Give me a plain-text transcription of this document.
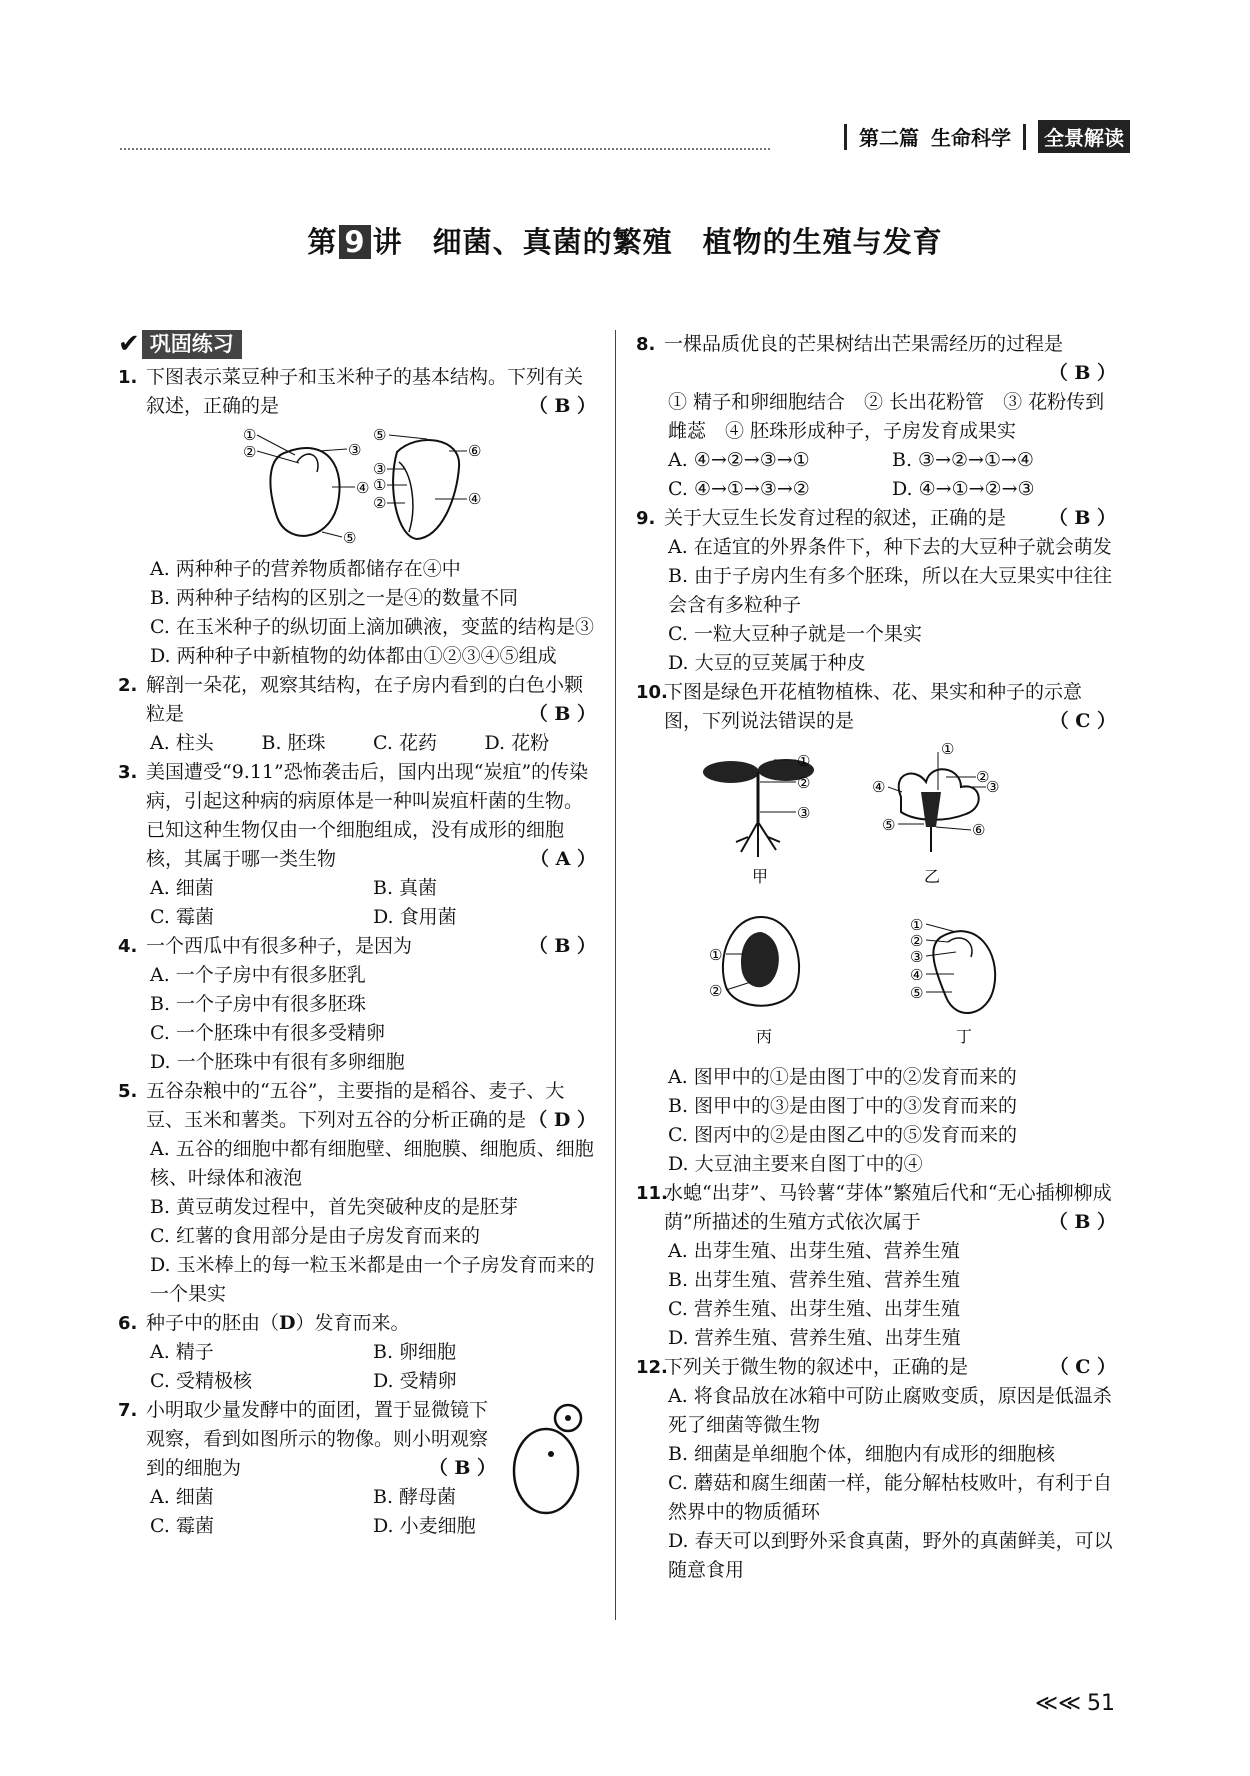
第二篇 生命科学	全景解读
第 9 讲　细菌、真菌的繁殖　植物的生殖与发育
✔ 巩固练习
1. 下图表示菜豆种子和玉米种子的基本结构。下列有关叙述，正确的是	（ B ）
①
②	③
④
⑤
⑤
③
①
②
⑥
④
A. 两种种子的营养物质都储存在④中
B. 两种种子结构的区别之一是④的数量不同
C. 在玉米种子的纵切面上滴加碘液，变蓝的结构是③
D. 两种种子中新植物的幼体都由①②③④⑤组成
2. 解剖一朵花，观察其结构，在子房内看到的白色小颗粒是	（ B ）
A. 柱头	B. 胚珠	C. 花药	D. 花粉
3. 美国遭受“9.11”恐怖袭击后，国内出现“炭疽”的传染病，引起这种病的病原体是一种叫炭疽杆菌的生物。已知这种生物仅由一个细胞组成，没有成形的细胞核，其属于哪一类生物	（ A ）
A. 细菌	B. 真菌
C. 霉菌	D. 食用菌
4. 一个西瓜中有很多种子，是因为	（ B ）
A. 一个子房中有很多胚乳
B. 一个子房中有很多胚珠
C. 一个胚珠中有很多受精卵
D. 一个胚珠中有很有多卵细胞
5. 五谷杂粮中的“五谷”，主要指的是稻谷、麦子、大豆、玉米和薯类。下列对五谷的分析正确的是 （ D ）
A. 五谷的细胞中都有细胞壁、细胞膜、细胞质、细胞核、叶绿体和液泡
B. 黄豆萌发过程中，首先突破种皮的是胚芽
C. 红薯的食用部分是由子房发育而来的
D. 玉米棒上的每一粒玉米都是由一个子房发育而来的一个果实
6. 种子中的胚由（D）发育而来。
A. 精子	B. 卵细胞
C. 受精极核	D. 受精卵
7. 小明取少量发酵中的面团，置于显微镜下观察，看到如图所示的物像。则小明观察到的细胞为	（ B ）
A. 细菌	B. 酵母菌
C. 霉菌	D. 小麦细胞
8. 一棵品质优良的芒果树结出芒果需经历的过程是
（ B ）
① 精子和卵细胞结合　② 长出花粉管　③ 花粉传到雌蕊　④ 胚珠形成种子，子房发育成果实
A. ④→②→③→①	B. ③→②→①→④
C. ④→①→③→②	D. ④→①→②→③
9. 关于大豆生长发育过程的叙述，正确的是 （ B ）
A. 在适宜的外界条件下，种下去的大豆种子就会萌发
B. 由于子房内生有多个胚珠，所以在大豆果实中往往会含有多粒种子
C. 一粒大豆种子就是一个果实
D. 大豆的豆荚属于种皮
10.
下图是绿色开花植物植株、花、果实和种子的示意图，下列说法错误的是	（ C ）
①
②
③
甲
①
②
③
④
⑤	⑥
乙
①
②
丙
①
②
③
④
⑤
丁
A. 图甲中的①是由图丁中的②发育而来的
B. 图甲中的③是由图丁中的③发育而来的
C. 图丙中的②是由图乙中的⑤发育而来的
D. 大豆油主要来自图丁中的④
11.
水螅“出芽”、马铃薯“芽体”繁殖后代和“无心插柳柳成荫”所描述的生殖方式依次属于	（ B ）
A. 出芽生殖、出芽生殖、营养生殖
B. 出芽生殖、营养生殖、营养生殖
C. 营养生殖、出芽生殖、出芽生殖
D. 营养生殖、营养生殖、出芽生殖
12.
下列关于微生物的叙述中，正确的是	（ C ）
A. 将食品放在冰箱中可防止腐败变质，原因是低温杀死了细菌等微生物
B. 细菌是单细胞个体，细胞内有成形的细胞核
C. 蘑菇和腐生细菌一样，能分解枯枝败叶，有利于自然界中的物质循环
D. 春天可以到野外采食真菌，野外的真菌鲜美，可以随意食用
≪≪ 51
